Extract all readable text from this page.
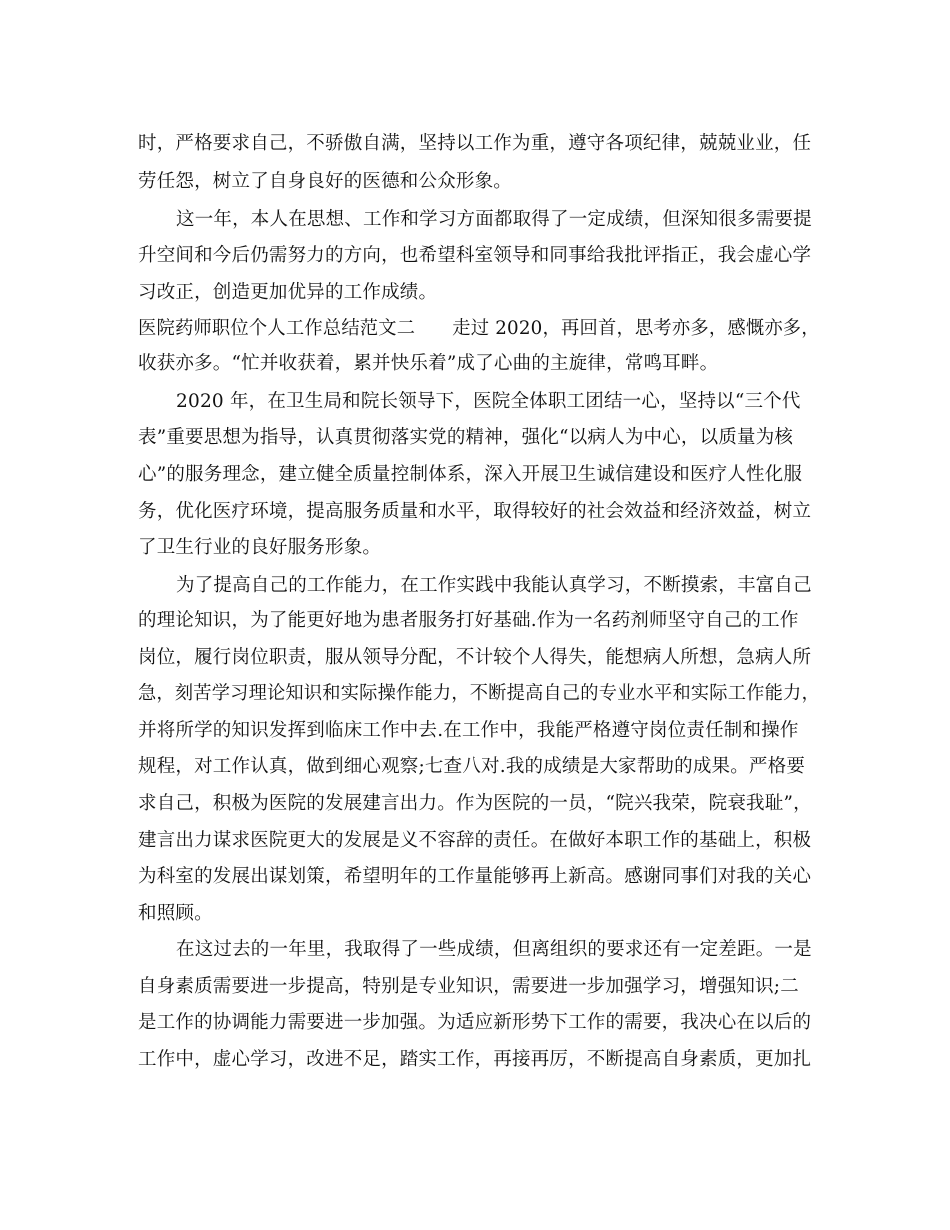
时，严格要求自己，不骄傲自满，坚持以工作为重，遵守各项纪律，兢兢业业，任
劳任怨，树立了自身良好的医德和公众形象。
这一年，本人在思想、工作和学习方面都取得了一定成绩，但深知很多需要提
升空间和今后仍需努力的方向，也希望科室领导和同事给我批评指正，我会虚心学
习改正，创造更加优异的工作成绩。
医院药师职位个人工作总结范文二　　走过 2020，再回首，思考亦多，感慨亦多，
收获亦多。“忙并收获着，累并快乐着”成了心曲的主旋律，常鸣耳畔。
2020 年，在卫生局和院长领导下，医院全体职工团结一心，坚持以“三个代
表”重要思想为指导，认真贯彻落实党的精神，强化“以病人为中心，以质量为核
心”的服务理念，建立健全质量控制体系，深入开展卫生诚信建设和医疗人性化服
务，优化医疗环境，提高服务质量和水平，取得较好的社会效益和经济效益，树立
了卫生行业的良好服务形象。
为了提高自己的工作能力，在工作实践中我能认真学习，不断摸索，丰富自己
的理论知识，为了能更好地为患者服务打好基础.作为一名药剂师坚守自己的工作
岗位，履行岗位职责，服从领导分配，不计较个人得失，能想病人所想，急病人所
急，刻苦学习理论知识和实际操作能力，不断提高自己的专业水平和实际工作能力，
并将所学的知识发挥到临床工作中去.在工作中，我能严格遵守岗位责任制和操作
规程，对工作认真，做到细心观察;七查八对.我的成绩是大家帮助的成果。严格要
求自己，积极为医院的发展建言出力。作为医院的一员，“院兴我荣，院衰我耻”，
建言出力谋求医院更大的发展是义不容辞的责任。在做好本职工作的基础上，积极
为科室的发展出谋划策，希望明年的工作量能够再上新高。感谢同事们对我的关心
和照顾。
在这过去的一年里，我取得了一些成绩，但离组织的要求还有一定差距。一是
自身素质需要进一步提高，特别是专业知识，需要进一步加强学习，增强知识;二
是工作的协调能力需要进一步加强。为适应新形势下工作的需要，我决心在以后的
工作中，虚心学习，改进不足，踏实工作，再接再厉，不断提高自身素质，更加扎
